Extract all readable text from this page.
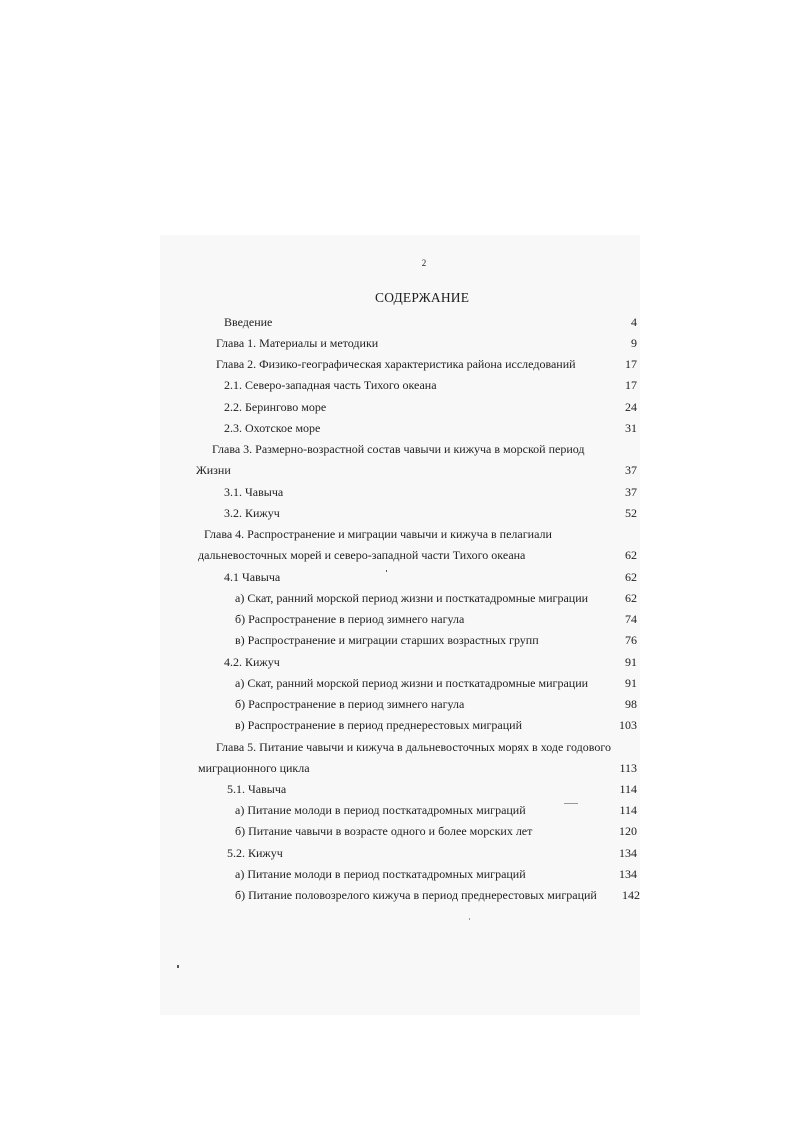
2
СОДЕРЖАНИЕ
Введение	4
Глава 1. Материалы и методики	9
Глава 2. Физико-географическая характеристика района исследований	17
2.1. Северо-западная часть Тихого океана	17
2.2. Берингово море	24
2.3. Охотское море	31
Глава 3. Размерно-возрастной состав чавычи и кижуча в морской период
Жизни	37
3.1. Чавыча	37
3.2. Кижуч	52
Глава 4. Распространение и миграции чавычи и кижуча в пелагиали
дальневосточных морей и северо-западной части Тихого океана	62
4.1 Чавыча	62
а) Скат, ранний морской период жизни и посткатадромные миграции	62
б) Распространение в период зимнего нагула	74
в) Распространение и миграции старших возрастных групп	76
4.2. Кижуч	91
а) Скат, ранний морской период жизни и посткатадромные миграции	91
б) Распространение в период зимнего нагула	98
в) Распространение в период преднерестовых миграций	103
Глава 5. Питание чавычи и кижуча в дальневосточных морях в ходе годового
миграционного цикла	113
5.1. Чавыча	114
а) Питание молоди в период посткатадромных миграций	114
б) Питание чавычи в возрасте одного и более морских лет	120
5.2. Кижуч	134
а) Питание молоди в период посткатадромных миграций	134
б) Питание половозрелого кижуча в период преднерестовых миграций	142
